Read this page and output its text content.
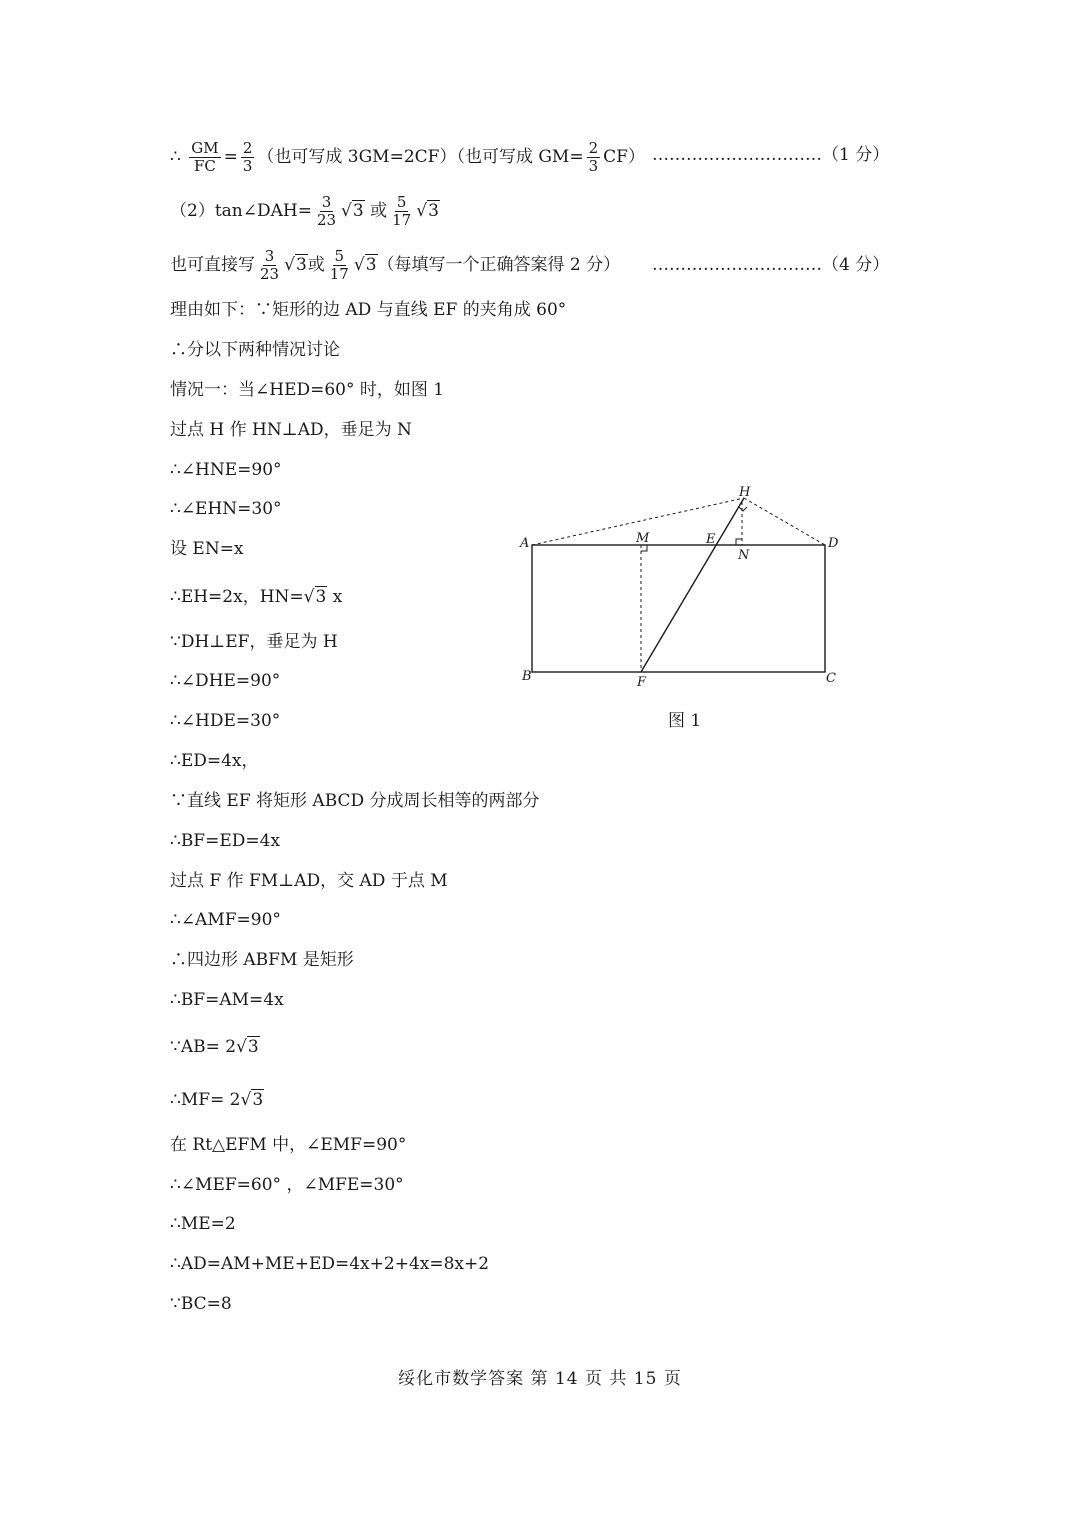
∴ $\frac{GM}{FC} = \frac{2}{3}$ （也可写成 3GM=2CF）（也可写成 $GM= \frac{2}{3} CF$） …………………………（1 分）
（2）tan∠DAH= $\frac{3}{23} √3$ 或 $\frac{5}{17} √3$
也可直接写 $\frac{3}{23} √3$或 $\frac{5}{17} √3$（每填写一个正确答案得 2 分） …………………………（4 分）
理由如下：∵矩形的边 AD 与直线 EF 的夹角成 60°
∴分以下两种情况讨论
情况一：当∠HED=60° 时，如图 1
过点 H 作 HN⊥AD，垂足为 N
∴∠HNE=90°
∴∠EHN=30°
设 EN=x
∴EH=2x，HN=√3 x
∵DH⊥EF，垂足为 H
∴∠DHE=90°
∴∠HDE=30°
∴ED=4x，
∵直线 EF 将矩形 ABCD 分成周长相等的两部分
∴BF=ED=4x
过点 F 作 FM⊥AD，交 AD 于点 M
∴∠AMF=90°
∴四边形 ABFM 是矩形
∴BF=AM=4x
∵AB= 2√3
∴MF= 2√3
在 Rt△EFM 中，∠EMF=90°
∴∠MEF=60° ，∠MFE=30°
∴ME=2
∴AD=AM+ME+ED=4x+2+4x=8x+2
∵BC=8
A
B	C
D
E
F
H
M
N
图 1
绥化市数学答案 第 14 页 共 15 页
